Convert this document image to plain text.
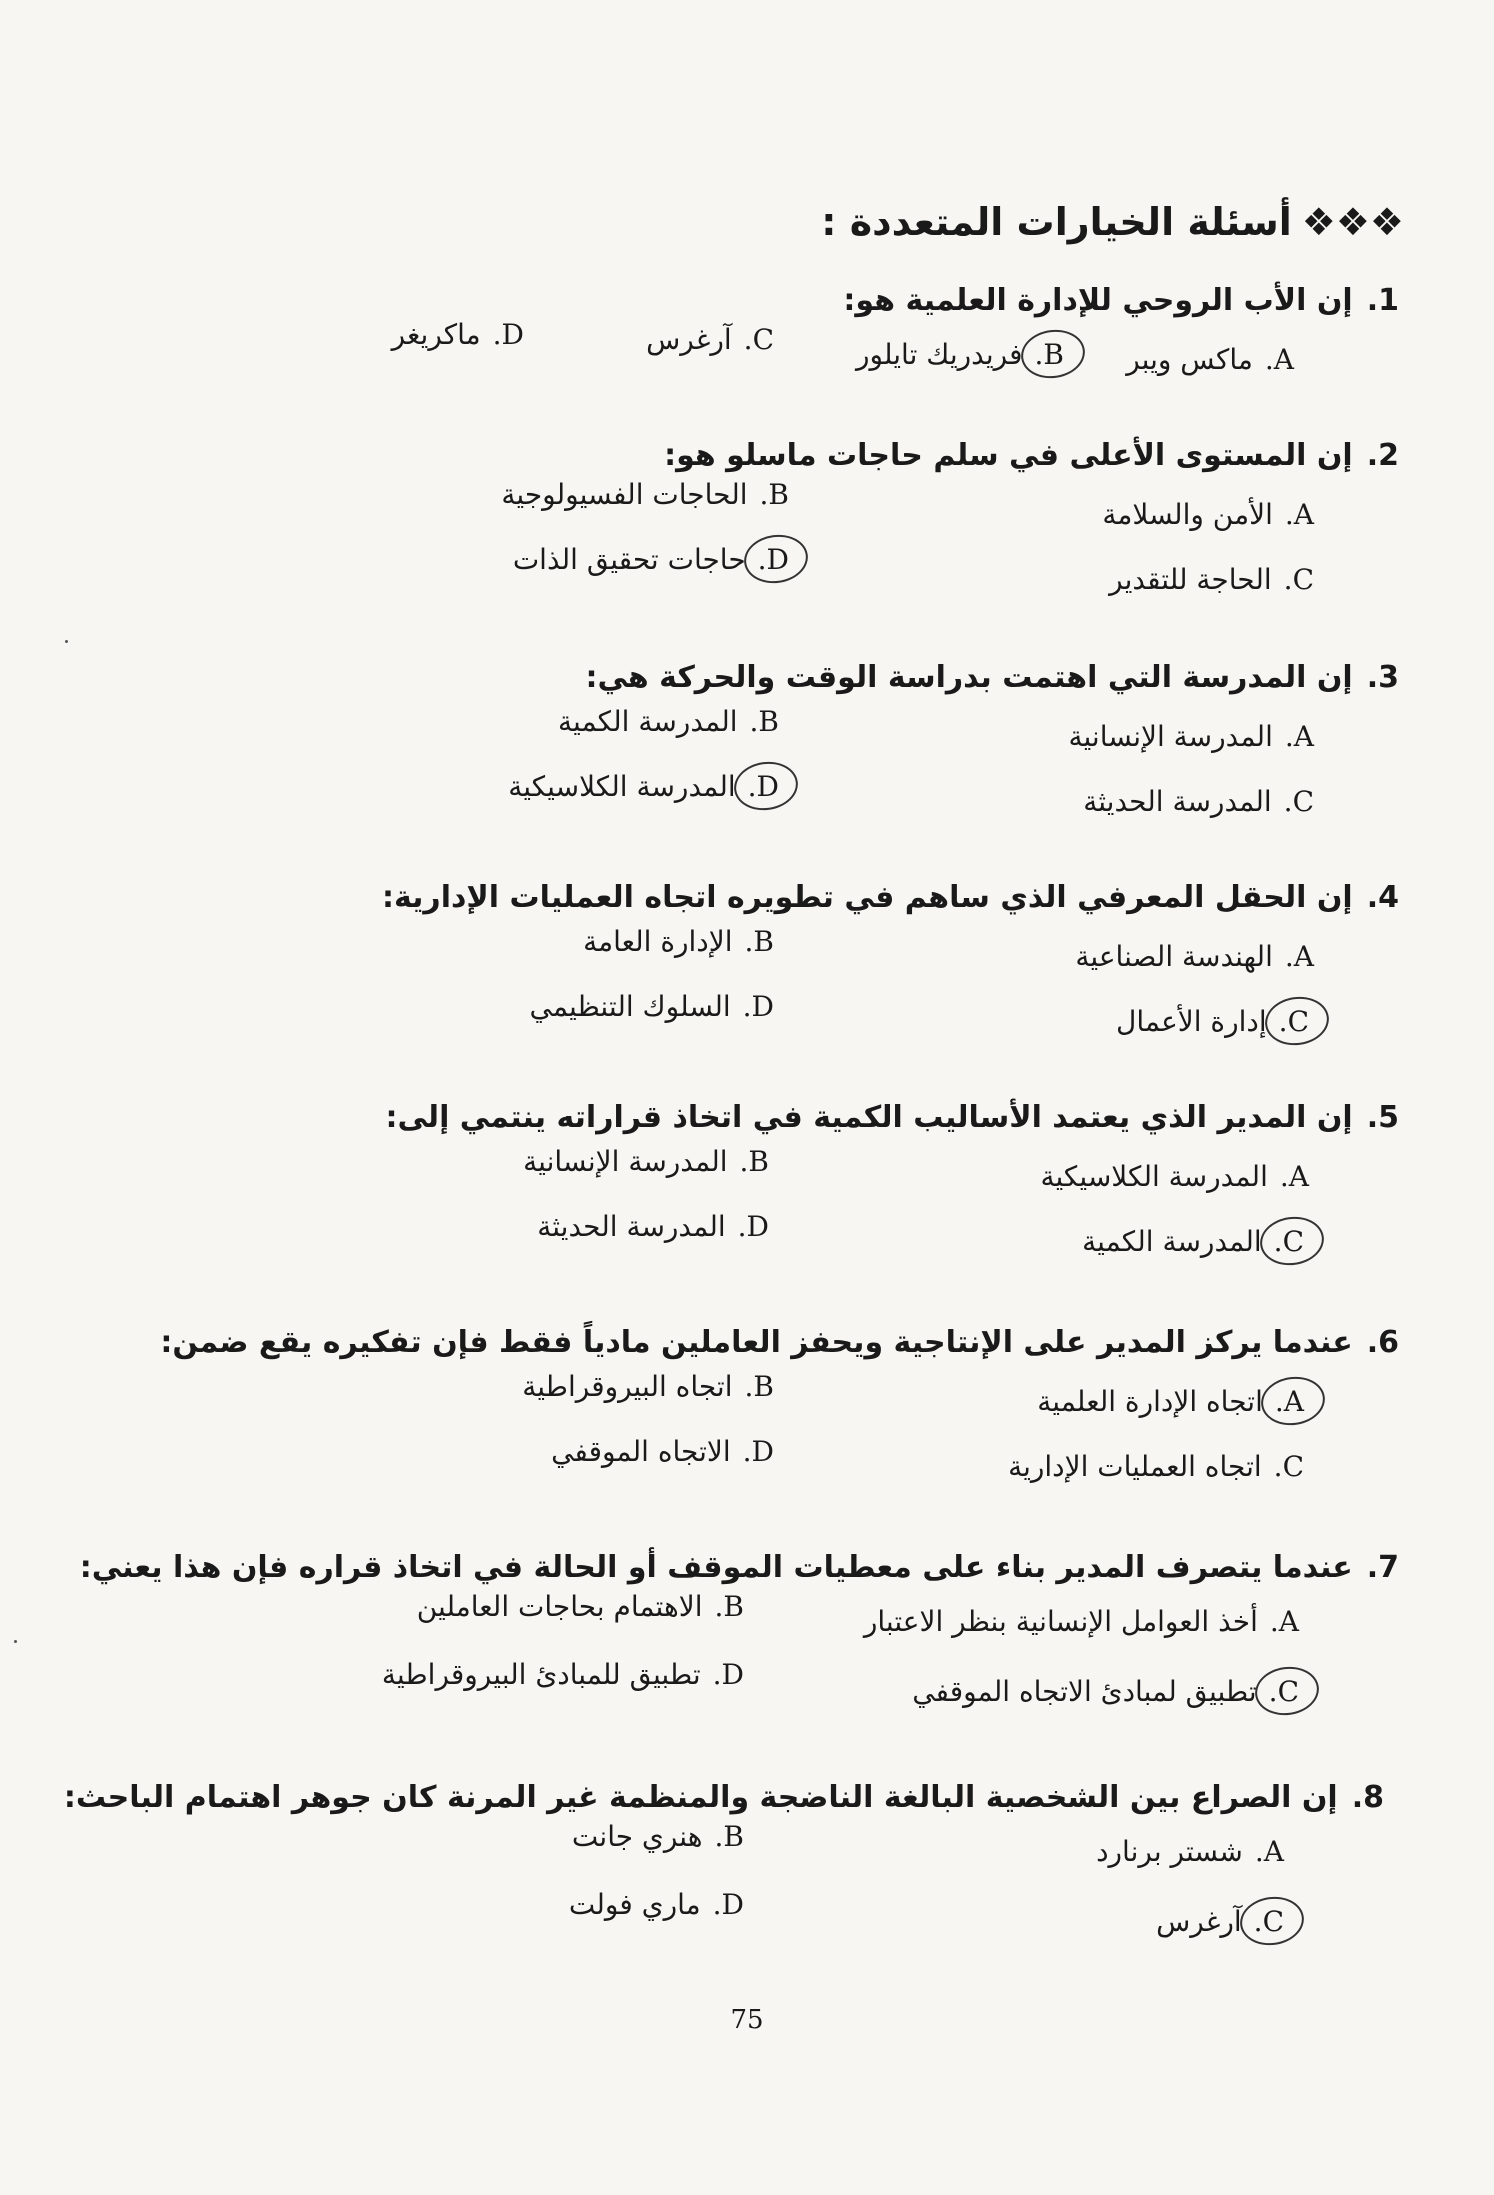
❖❖❖أسئلة الخيارات المتعددة :
1.إن الأب الروحي للإدارة العلمية هو:
A.ماكس ويبر
B.فريدريك تايلور
C.آرغرس
D.ماكريغر
2.إن المستوى الأعلى في سلم حاجات ماسلو هو:
A.الأمن والسلامة
B.الحاجات الفسيولوجية
C.الحاجة للتقدير
D.حاجات تحقيق الذات
3.إن المدرسة التي اهتمت بدراسة الوقت والحركة هي:
A.المدرسة الإنسانية
B.المدرسة الكمية
C.المدرسة الحديثة
D.المدرسة الكلاسيكية
4.إن الحقل المعرفي الذي ساهم في تطويره اتجاه العمليات الإدارية:
A.الهندسة الصناعية
B.الإدارة العامة
C.إدارة الأعمال
D.السلوك التنظيمي
5.إن المدير الذي يعتمد الأساليب الكمية في اتخاذ قراراته ينتمي إلى:
A.المدرسة الكلاسيكية
B.المدرسة الإنسانية
C.المدرسة الكمية
D.المدرسة الحديثة
6.عندما يركز المدير على الإنتاجية ويحفز العاملين مادياً فقط فإن تفكيره يقع ضمن:
A.اتجاه الإدارة العلمية
B.اتجاه البيروقراطية
C.اتجاه العمليات الإدارية
D.الاتجاه الموقفي
7.عندما يتصرف المدير بناء على معطيات الموقف أو الحالة في اتخاذ قراره فإن هذا يعني:
A.أخذ العوامل الإنسانية بنظر الاعتبار
B.الاهتمام بحاجات العاملين
C.تطبيق لمبادئ الاتجاه الموقفي
D.تطبيق للمبادئ البيروقراطية
8.إن الصراع بين الشخصية البالغة الناضجة والمنظمة غير المرنة كان جوهر اهتمام الباحث:
A.شستر برنارد
B.هنري جانت
C.آرغرس
D.ماري فولت
75
